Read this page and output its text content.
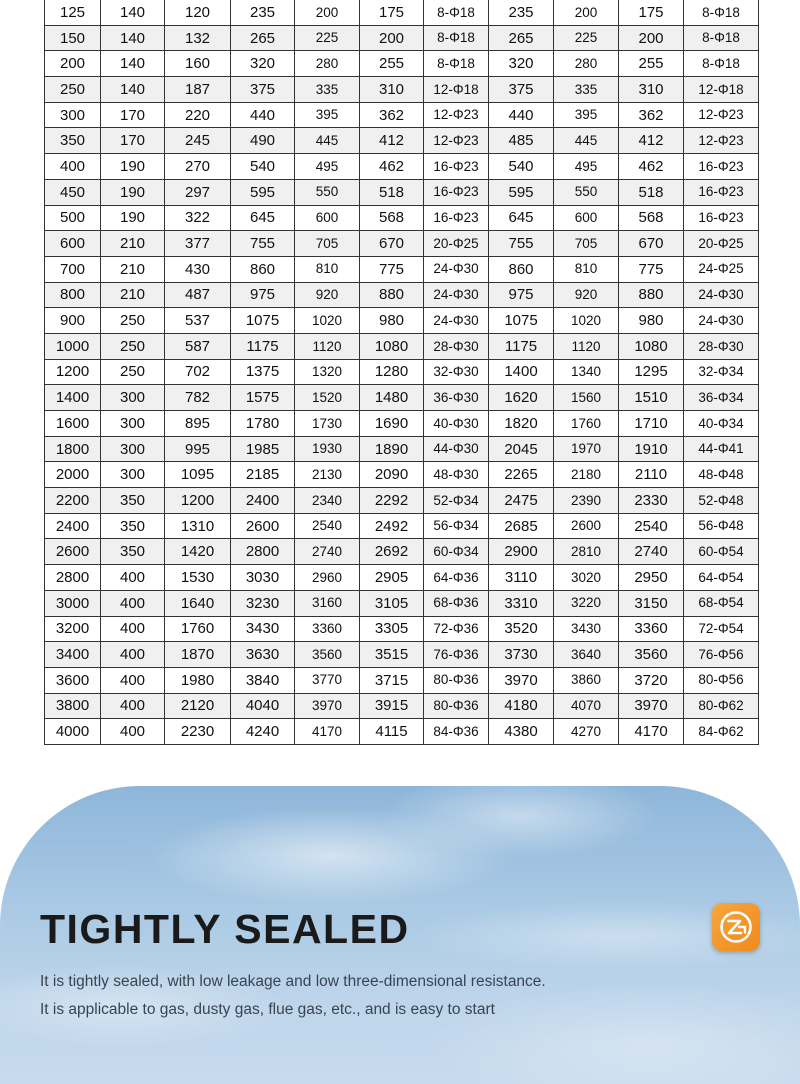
125	140	120	235	200	175	8-Φ18	235	200	175	8-Φ18
150	140	132	265	225	200	8-Φ18	265	225	200	8-Φ18
200	140	160	320	280	255	8-Φ18	320	280	255	8-Φ18
250	140	187	375	335	310	12-Φ18	375	335	310	12-Φ18
300	170	220	440	395	362	12-Φ23	440	395	362	12-Φ23
350	170	245	490	445	412	12-Φ23	485	445	412	12-Φ23
400	190	270	540	495	462	16-Φ23	540	495	462	16-Φ23
450	190	297	595	550	518	16-Φ23	595	550	518	16-Φ23
500	190	322	645	600	568	16-Φ23	645	600	568	16-Φ23
600	210	377	755	705	670	20-Φ25	755	705	670	20-Φ25
700	210	430	860	810	775	24-Φ30	860	810	775	24-Φ25
800	210	487	975	920	880	24-Φ30	975	920	880	24-Φ30
900	250	537	1075	1020	980	24-Φ30	1075	1020	980	24-Φ30
1000	250	587	1175	1120	1080	28-Φ30	1175	1120	1080	28-Φ30
1200	250	702	1375	1320	1280	32-Φ30	1400	1340	1295	32-Φ34
1400	300	782	1575	1520	1480	36-Φ30	1620	1560	1510	36-Φ34
1600	300	895	1780	1730	1690	40-Φ30	1820	1760	1710	40-Φ34
1800	300	995	1985	1930	1890	44-Φ30	2045	1970	1910	44-Φ41
2000	300	1095	2185	2130	2090	48-Φ30	2265	2180	2110	48-Φ48
2200	350	1200	2400	2340	2292	52-Φ34	2475	2390	2330	52-Φ48
2400	350	1310	2600	2540	2492	56-Φ34	2685	2600	2540	56-Φ48
2600	350	1420	2800	2740	2692	60-Φ34	2900	2810	2740	60-Φ54
2800	400	1530	3030	2960	2905	64-Φ36	3110	3020	2950	64-Φ54
3000	400	1640	3230	3160	3105	68-Φ36	3310	3220	3150	68-Φ54
3200	400	1760	3430	3360	3305	72-Φ36	3520	3430	3360	72-Φ54
3400	400	1870	3630	3560	3515	76-Φ36	3730	3640	3560	76-Φ56
3600	400	1980	3840	3770	3715	80-Φ36	3970	3860	3720	80-Φ56
3800	400	2120	4040	3970	3915	80-Φ36	4180	4070	3970	80-Φ62
4000	400	2230	4240	4170	4115	84-Φ36	4380	4270	4170	84-Φ62
TIGHTLY SEALED

It is tightly sealed, with low leakage and low three-dimensional resistance.

It is applicable to gas, dusty gas, flue gas, etc., and is easy to start
